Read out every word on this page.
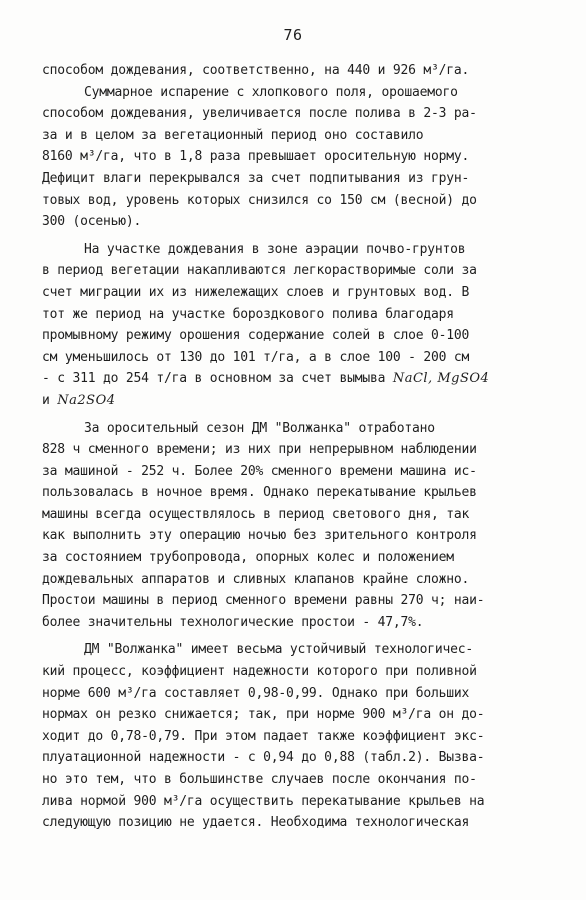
76
способом дождевания, соответственно, на 440 и 926 м³/га.
Суммарное испарение с хлопкового поля, орошаемого
способом дождевания, увеличивается после полива в 2-3 ра-
за и в целом за вегетационный период оно составило
8160 м³/га, что в 1,8 раза превышает оросительную норму.
Дефицит влаги перекрывался за счет подпитывания из грун-
товых вод, уровень которых снизился со 150 см (весной) до
300 (осенью).
На участке дождевания в зоне аэрации почво-грунтов
в период вегетации накапливаются легкорастворимые соли за
счет миграции их из нижележащих слоев и грунтовых вод. В
тот же период на участке бороздкового полива благодаря
промывному режиму орошения содержание солей в слое 0-100
см уменьшилось от 130 до 101 т/га, а в слое 100 - 200 см
- с 311 до 254 т/га в основном за счет вымыва NaCl, MgSO4
и Na2SO4
За оросительный сезон ДМ "Волжанка" отработано
828 ч сменного времени; из них при непрерывном наблюдении
за машиной - 252 ч. Более 20% сменного времени машина ис-
пользовалась в ночное время. Однако перекатывание крыльев
машины всегда осуществлялось в период светового дня, так
как выполнить эту операцию ночью без зрительного контроля
за состоянием трубопровода, опорных колес и положением
дождевальных аппаратов и сливных клапанов крайне сложно.
Простои машины в период сменного времени равны 270 ч; наи-
более значительны технологические простои - 47,7%.
ДМ "Волжанка" имеет весьма устойчивый технологичес-
кий процесс, коэффициент надежности которого при поливной
норме 600 м³/га составляет 0,98-0,99. Однако при больших
нормах он резко снижается; так, при норме 900 м³/га он до-
ходит до 0,78-0,79. При этом падает также коэффициент экс-
плуатационной надежности - с 0,94 до 0,88 (табл.2). Вызва-
но это тем, что в большинстве случаев после окончания по-
лива нормой 900 м³/га осуществить перекатывание крыльев на
следующую позицию не удается. Необходима технологическая
